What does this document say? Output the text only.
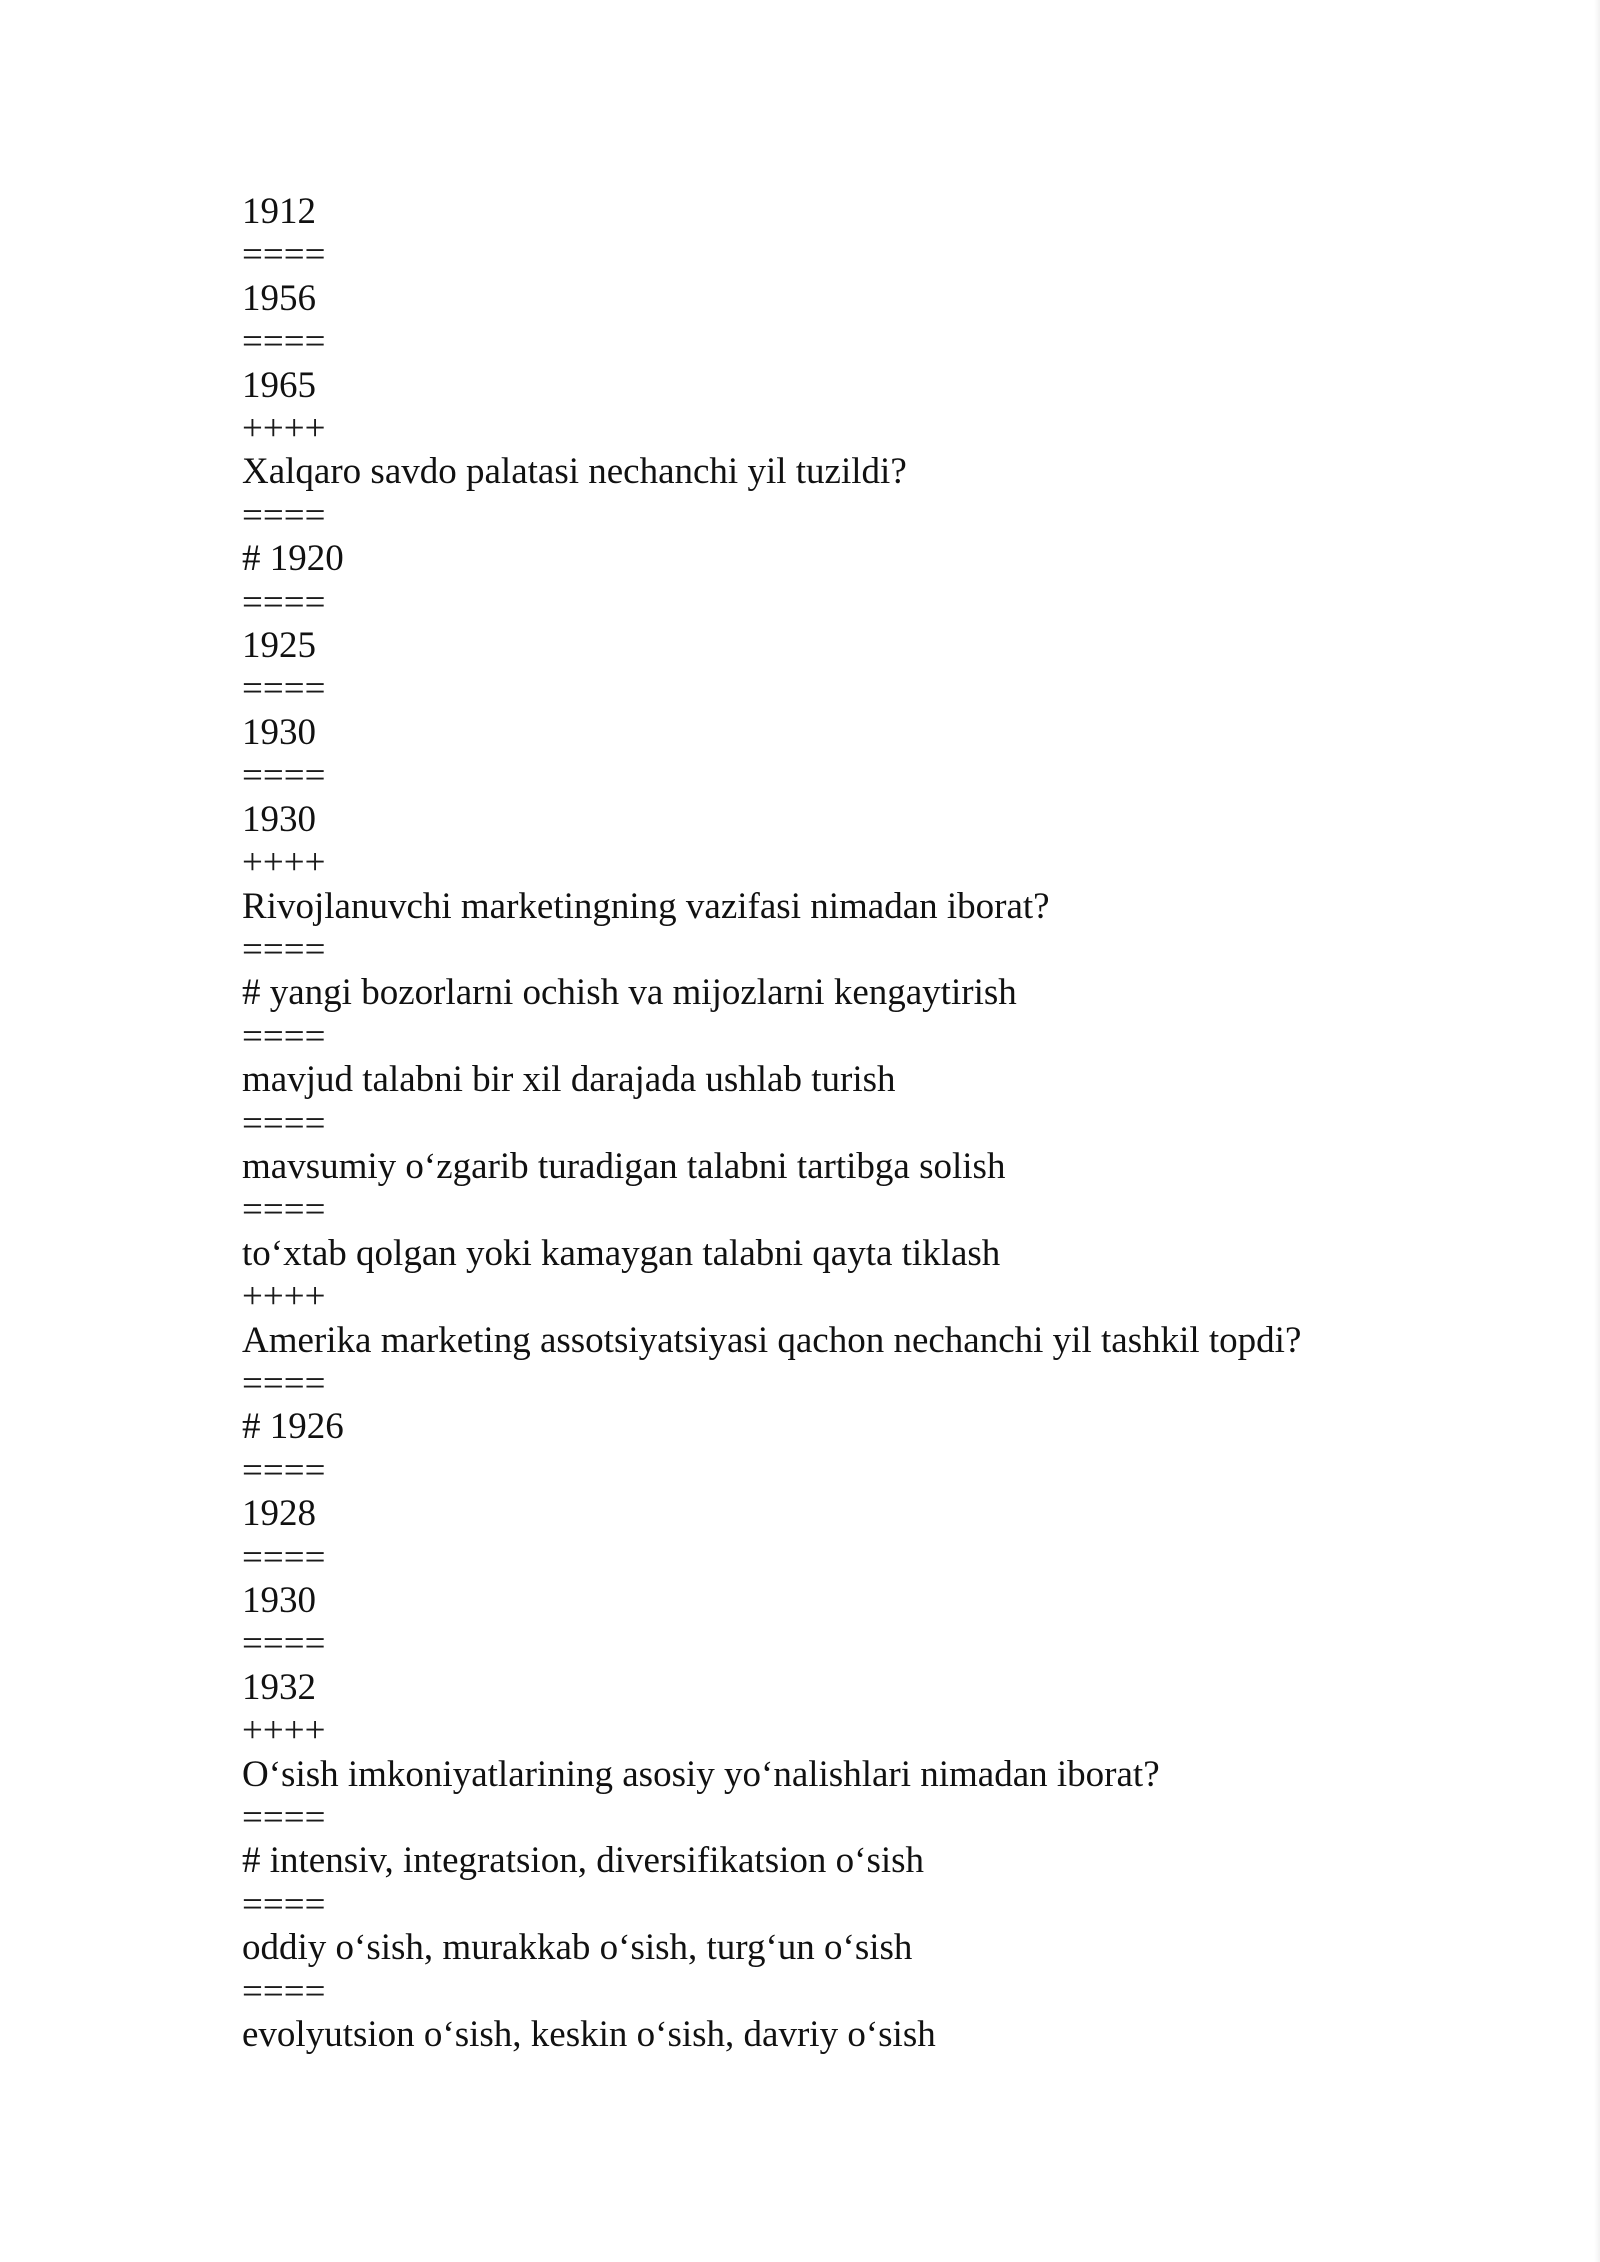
1912
====
1956
====
1965
++++
Xalqaro savdo palatasi nechanchi yil tuzildi?
====
# 1920
====
1925
====
1930
====
1930
++++
Rivojlanuvchi marketingning vazifasi nimadan iborat?
====
# yangi bozorlarni ochish va mijozlarni kengaytirish
====
mavjud talabni bir xil darajada ushlab turish
====
mavsumiy oʻzgarib turadigan talabni tartibga solish
====
toʻxtab qolgan yoki kamaygan talabni qayta tiklash
++++
Amerika marketing assotsiyatsiyasi qachon nechanchi yil tashkil topdi?
====
# 1926
====
1928
====
1930
====
1932
++++
Oʻsish imkoniyatlarining asosiy yoʻnalishlari nimadan iborat?
====
# intensiv, integratsion, diversifikatsion oʻsish
====
oddiy oʻsish, murakkab oʻsish, turgʻun oʻsish
====
evolyutsion oʻsish, keskin oʻsish, davriy oʻsish
